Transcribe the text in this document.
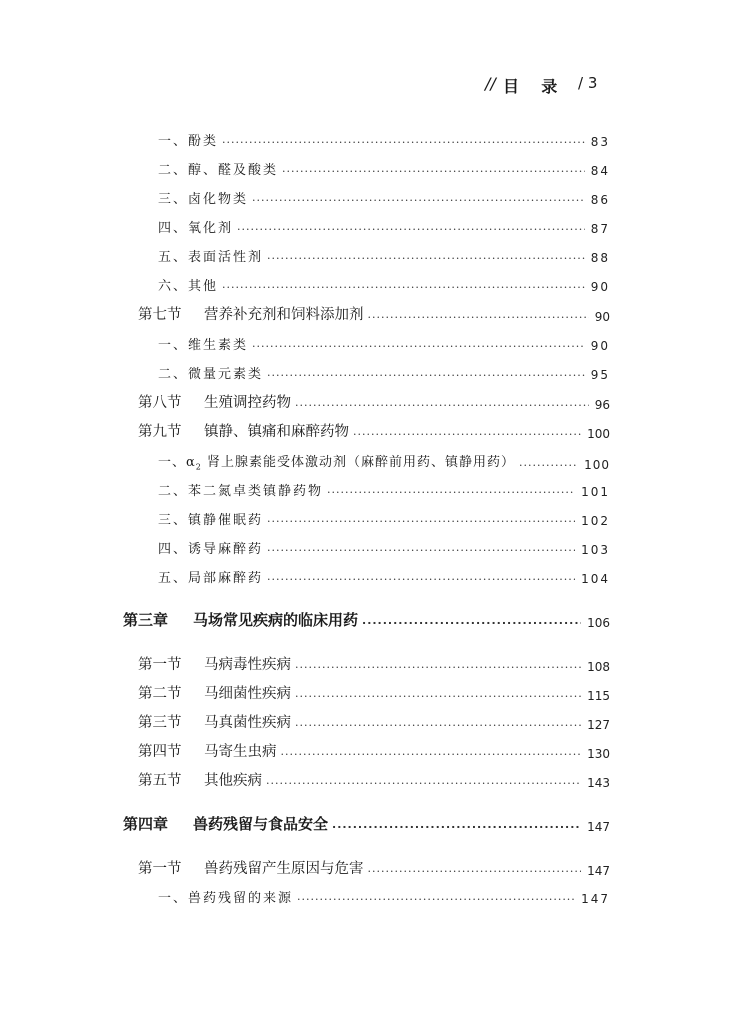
// 目    录 / 3
一、酚类 .....	83
二、醇、醛及酸类 .....	84
三、卤化物类 .....	86
四、氧化剂 .....	87
五、表面活性剂 .....	88
六、其他 .....	90
第七节 营养补充剂和饲料添加剂 .....	90
一、维生素类 .....	90
二、微量元素类 .....	95
第八节 生殖调控药物 .....	96
第九节 镇静、镇痛和麻醉药物 .....	100
一、$\alpha_2$ 肾上腺素能受体激动剂（麻醉前用药、镇静用药） .....	100
二、苯二氮卓类镇静药物 .....	101
三、镇静催眠药 .....	102
四、诱导麻醉药 .....	103
五、局部麻醉药 .....	104
第三章 马场常见疾病的临床用药 .....	106
第一节 马病毒性疾病 .....	108
第二节 马细菌性疾病 .....	115
第三节 马真菌性疾病 .....	127
第四节 马寄生虫病 .....	130
第五节 其他疾病 .....	143
第四章 兽药残留与食品安全 .....	147
第一节 兽药残留产生原因与危害 .....	147
一、兽药残留的来源 .....	147
